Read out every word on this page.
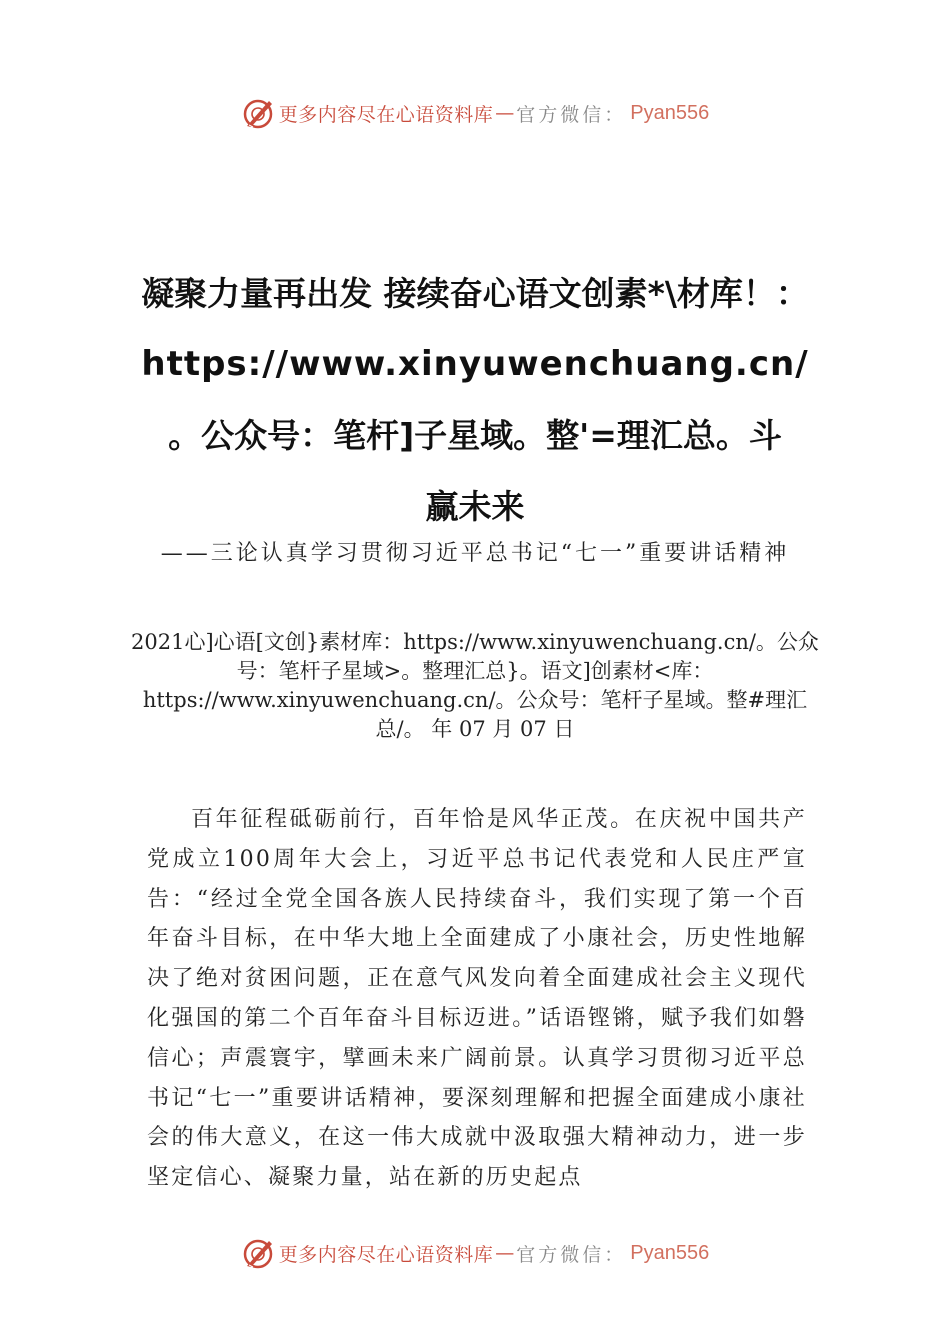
更多内容尽在心语资料库 — 官方微信： Pyan556
凝聚力量再出发 接续奋心语文创素*\材库！：
https://www.xinyuwenchuang.cn/
。公众号：笔杆]子星域。整'=理汇总。斗
赢未来
——三论认真学习贯彻习近平总书记“七一”重要讲话精神
2021心]心语[文创}素材库：https://www.xinyuwenchuang.cn/。公众号：笔杆子星域>。整理汇总}。语文]创素材<库：https://www.xinyuwenchuang.cn/。公众号：笔杆子星域。整#理汇总/。 年 07 月 07 日

百年征程砥砺前行，百年恰是风华正茂。在庆祝中国共产党成立100周年大会上，习近平总书记代表党和人民庄严宣告：“经过全党全国各族人民持续奋斗，我们实现了第一个百年奋斗目标，在中华大地上全面建成了小康社会，历史性地解决了绝对贫困问题，正在意气风发向着全面建成社会主义现代化强国的第二个百年奋斗目标迈进。”话语铿锵，赋予我们如磐信心；声震寰宇，擘画未来广阔前景。认真学习贯彻习近平总书记“七一”重要讲话精神，要深刻理解和把握全面建成小康社会的伟大意义，在这一伟大成就中汲取强大精神动力，进一步坚定信心、凝聚力量，站在新的历史起点

更多内容尽在心语资料库 — 官方微信： Pyan556
